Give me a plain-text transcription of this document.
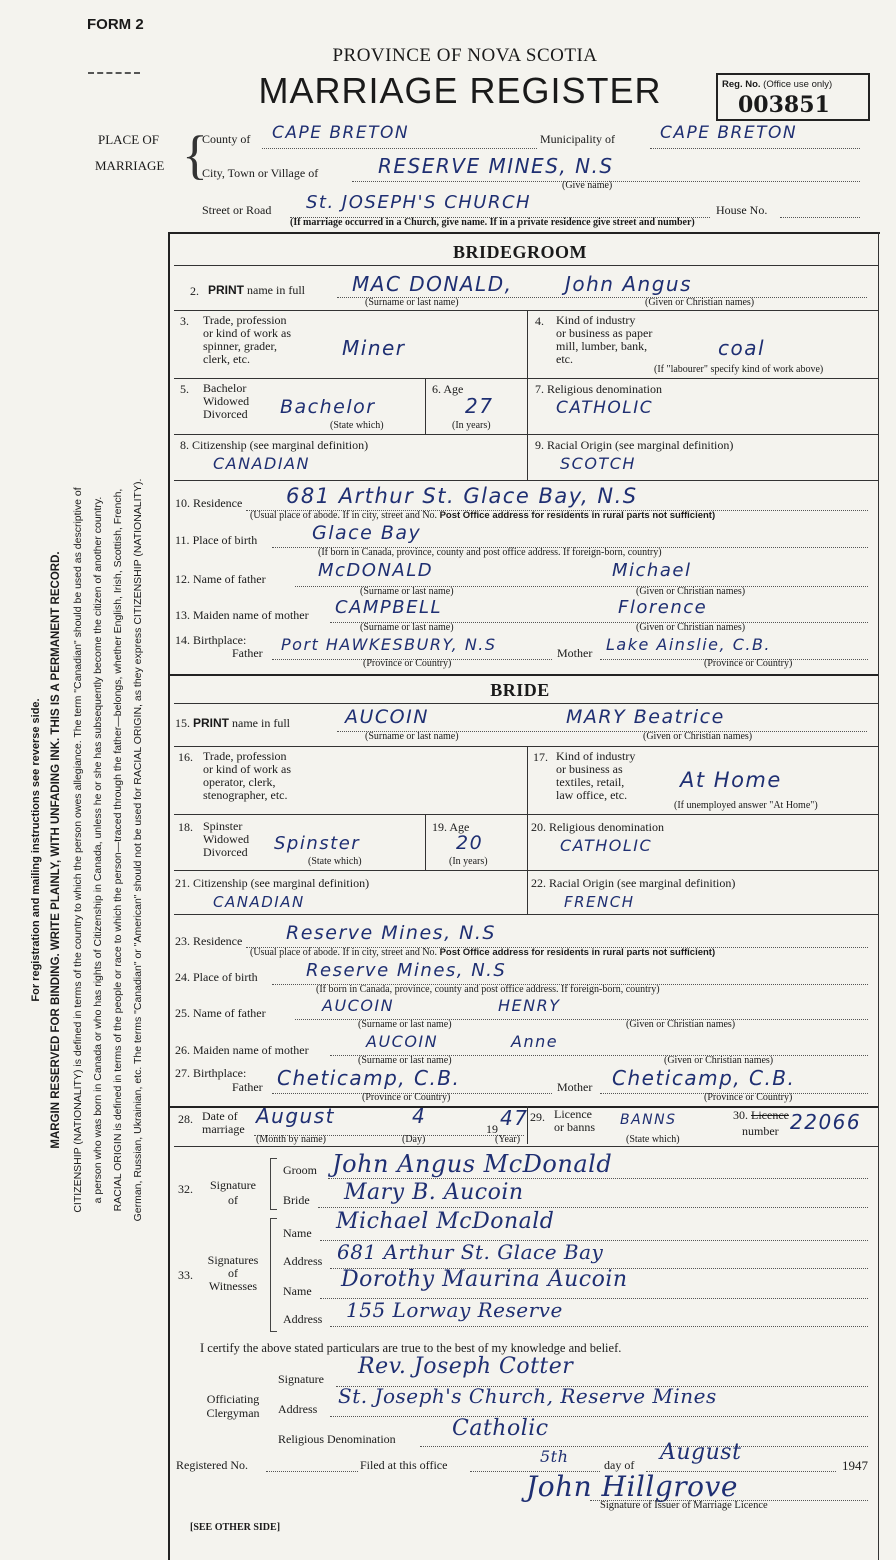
FORM 2
PROVINCE OF NOVA SCOTIA
MARRIAGE REGISTER	Reg. No. (Office use only)
003851
PLACE OF
MARRIAGE {
County of CAPE BRETON	Municipality of	CAPE BRETON
City, Town or Village of	RESERVE MINES, N.S
(Give name)
Street or Road St. JOSEPH'S CHURCH	House No.
(If marriage occurred in a Church, give name. If in a private residence give street and number)
For registration and mailing instructions see reverse side. MARGIN RESERVED FOR BINDING. WRITE PLAINLY, WITH UNFADING INK. THIS IS A PERMANENT RECORD. CITIZENSHIP (NATIONALITY) is defined in terms of the country to which the person owes allegiance. The term "Canadian" should be used as descriptive of a person who was born in Canada or who has rights of Citizenship in Canada, unless he or she has subsequently become the citizen of another country. RACIAL ORIGIN is defined in terms of the people or race to which the person—traced through the father—belongs, whether English, Irish, Scottish, French, German, Russian, Ukrainian, etc. The terms "Canadian" or "American" should not be used for RACIAL ORIGIN, as they express CITIZENSHIP (NATIONALITY).
BRIDEGROOM
2. PRINT name in full MAC DONALD,	John Angus
(Surname or last name)	(Given or Christian names)
3. Trade, profession
or kind of work as
spinner, grader,
clerk, etc.	Miner
4. Kind of industry
or business as paper
mill, lumber, bank,
etc.	coal
(If "labourer" specify kind of work above)
5. Bachelor
Widowed
Divorced Bachelor
(State which)
6. Age
27
(In years)
7. Religious denomination
CATHOLIC
8. Citizenship (see marginal definition)
CANADIAN
9. Racial Origin (see marginal definition)
SCOTCH
10. Residence 681 Arthur St. Glace Bay, N.S
(Usual place of abode. If in city, street and No. Post Office address for residents in rural parts not sufficient)
11. Place of birth	Glace Bay
(If born in Canada, province, county and post office address. If foreign-born, country)
12. Name of father	McDONALD	Michael
(Surname or last name)	(Given or Christian names)
13. Maiden name of mother CAMPBELL	Florence
(Surname or last name)	(Given or Christian names)
14. Birthplace:
Father Port HAWKESBURY, N.S	Mother Lake Ainslie, C.B.
(Province or Country)	(Province or Country)
BRIDE
15. PRINT name in full	AUCOIN	MARY Beatrice
(Surname or last name)	(Given or Christian names)
16. Trade, profession
or kind of work as
operator, clerk,
stenographer, etc.
17. Kind of industry
or business as
textiles, retail,
law office, etc.
At Home
(If unemployed answer "At Home")
18. Spinster
Widowed
Divorced Spinster
(State which)
19. Age
20
(In years)
20. Religious denomination
CATHOLIC
21. Citizenship (see marginal definition)
CANADIAN
22. Racial Origin (see marginal definition)
FRENCH
23. Residence Reserve Mines, N.S
(Usual place of abode. If in city, street and No. Post Office address for residents in rural parts not sufficient)
24. Place of birth	Reserve Mines, N.S
(If born in Canada, province, county and post office address. If foreign-born, country)
25. Name of father	AUCOIN	HENRY
(Surname or last name)	(Given or Christian names)
26. Maiden name of mother	AUCOIN	Anne
(Surname or last name)	(Given or Christian names)
27. Birthplace:
Father Cheticamp, C.B.	Mother Cheticamp, C.B.
(Province or Country)	(Province or Country)
28. Date of
marriage
August	4
19 47
(Month by name)	(Day)	(Year)
29. Licence
or banns BANNS
(State which)
30. Licence
number 22066
32.	Signature
of
Groom John Angus McDonald
Bride Mary B. Aucoin
33.
Signatures
of
Witnesses
Name Michael McDonald
Address 681 Arthur St. Glace Bay
Name Dorothy Maurina Aucoin
Address 155 Lorway Reserve
I certify the above stated particulars are true to the best of my knowledge and belief.
Signature Rev. Joseph Cotter
Officiating
Clergyman	Address
St. Joseph's Church, Reserve Mines
Religious Denomination	Catholic
Registered No.	Filed at this office	5th	day of August
1947
John Hillgrove
Signature of Issuer of Marriage Licence
[SEE OTHER SIDE]
